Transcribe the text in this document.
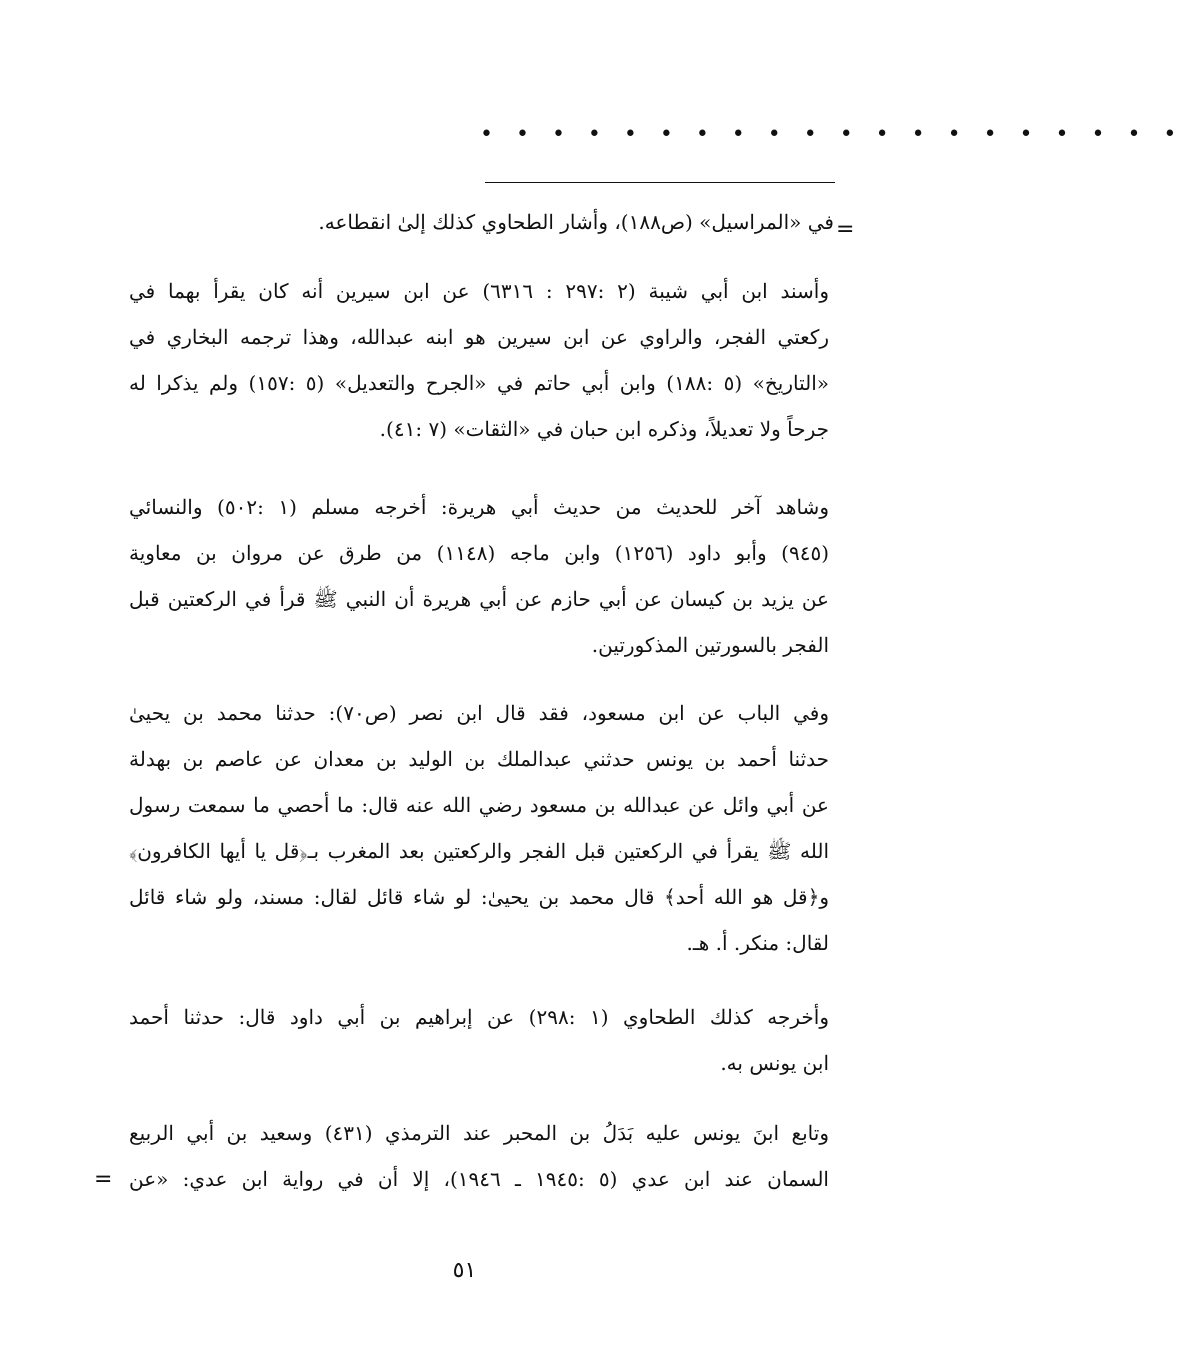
• • • • • • • • • • • • • • • • • • • •
=
في «المراسيل» (ص١٨٨)، وأشار الطحاوي كذلك إلىٰ انقطاعه.
وأسند ابن أبي شيبة (٢ :٢٩٧ : ٦٣١٦) عن ابن سيرين أنه كان يقرأ بهما في
ركعتي الفجر، والراوي عن ابن سيرين هو ابنه عبدالله، وهذا ترجمه البخاري في
«التاريخ» (٥ :١٨٨) وابن أبي حاتم في «الجرح والتعديل» (٥ :١٥٧) ولم يذكرا له
جرحاً ولا تعديلاً، وذكره ابن حبان في «الثقات» (٧ :٤١).
وشاهد آخر للحديث من حديث أبي هريرة: أخرجه مسلم (١ :٥٠٢) والنسائي
(٩٤٥) وأبو داود (١٢٥٦) وابن ماجه (١١٤٨) من طرق عن مروان بن معاوية
عن يزيد بن كيسان عن أبي حازم عن أبي هريرة أن النبي ﷺ قرأ في الركعتين قبل
الفجر بالسورتين المذكورتين.
وفي الباب عن ابن مسعود، فقد قال ابن نصر (ص٧٠): حدثنا محمد بن يحيىٰ
حدثنا أحمد بن يونس حدثني عبدالملك بن الوليد بن معدان عن عاصم بن بهدلة
عن أبي وائل عن عبدالله بن مسعود رضي الله عنه قال: ما أحصي ما سمعت رسول
الله ﷺ يقرأ في الركعتين قبل الفجر والركعتين بعد المغرب بـ﴿قل يا أيها الكافرون﴾
و﴿قل هو الله أحد﴾ قال محمد بن يحيىٰ: لو شاء قائل لقال: مسند، ولو شاء قائل
لقال: منكر. أ. هـ.
وأخرجه كذلك الطحاوي (١ :٢٩٨) عن إبراهيم بن أبي داود قال: حدثنا أحمد
ابن يونس به.
وتابع ابنَ يونس عليه بَدَلُ بن المحبر عند الترمذي (٤٣١) وسعيد بن أبي الربيع
السمان عند ابن عدي (٥ :١٩٤٥ ـ ١٩٤٦)، إلا أن في رواية ابن عدي: «عن
=
٥١
